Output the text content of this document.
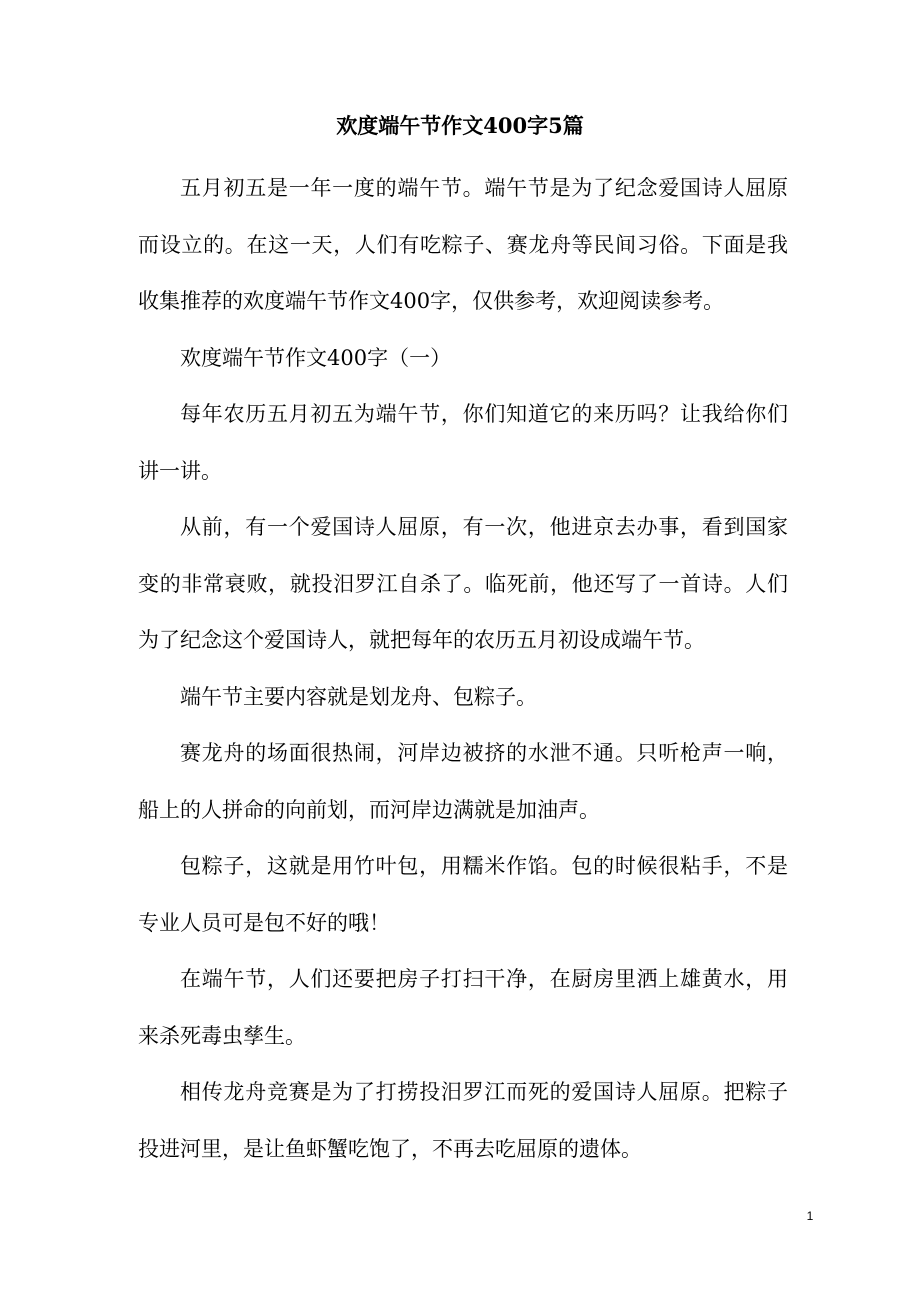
欢度端午节作文400字5篇

五月初五是一年一度的端午节。端午节是为了纪念爱国诗人屈原而设立的。在这一天，人们有吃粽子、赛龙舟等民间习俗。下面是我收集推荐的欢度端午节作文400字，仅供参考，欢迎阅读参考。

欢度端午节作文400字（一）

每年农历五月初五为端午节，你们知道它的来历吗？让我给你们讲一讲。

从前，有一个爱国诗人屈原，有一次，他进京去办事，看到国家变的非常衰败，就投汨罗江自杀了。临死前，他还写了一首诗。人们为了纪念这个爱国诗人，就把每年的农历五月初设成端午节。

端午节主要内容就是划龙舟、包粽子。

赛龙舟的场面很热闹，河岸边被挤的水泄不通。只听枪声一响，船上的人拼命的向前划，而河岸边满就是加油声。

包粽子，这就是用竹叶包，用糯米作馅。包的时候很粘手，不是专业人员可是包不好的哦！

在端午节，人们还要把房子打扫干净，在厨房里洒上雄黄水，用来杀死毒虫孳生。

相传龙舟竞赛是为了打捞投汨罗江而死的爱国诗人屈原。把粽子投进河里，是让鱼虾蟹吃饱了，不再去吃屈原的遗体。

1
